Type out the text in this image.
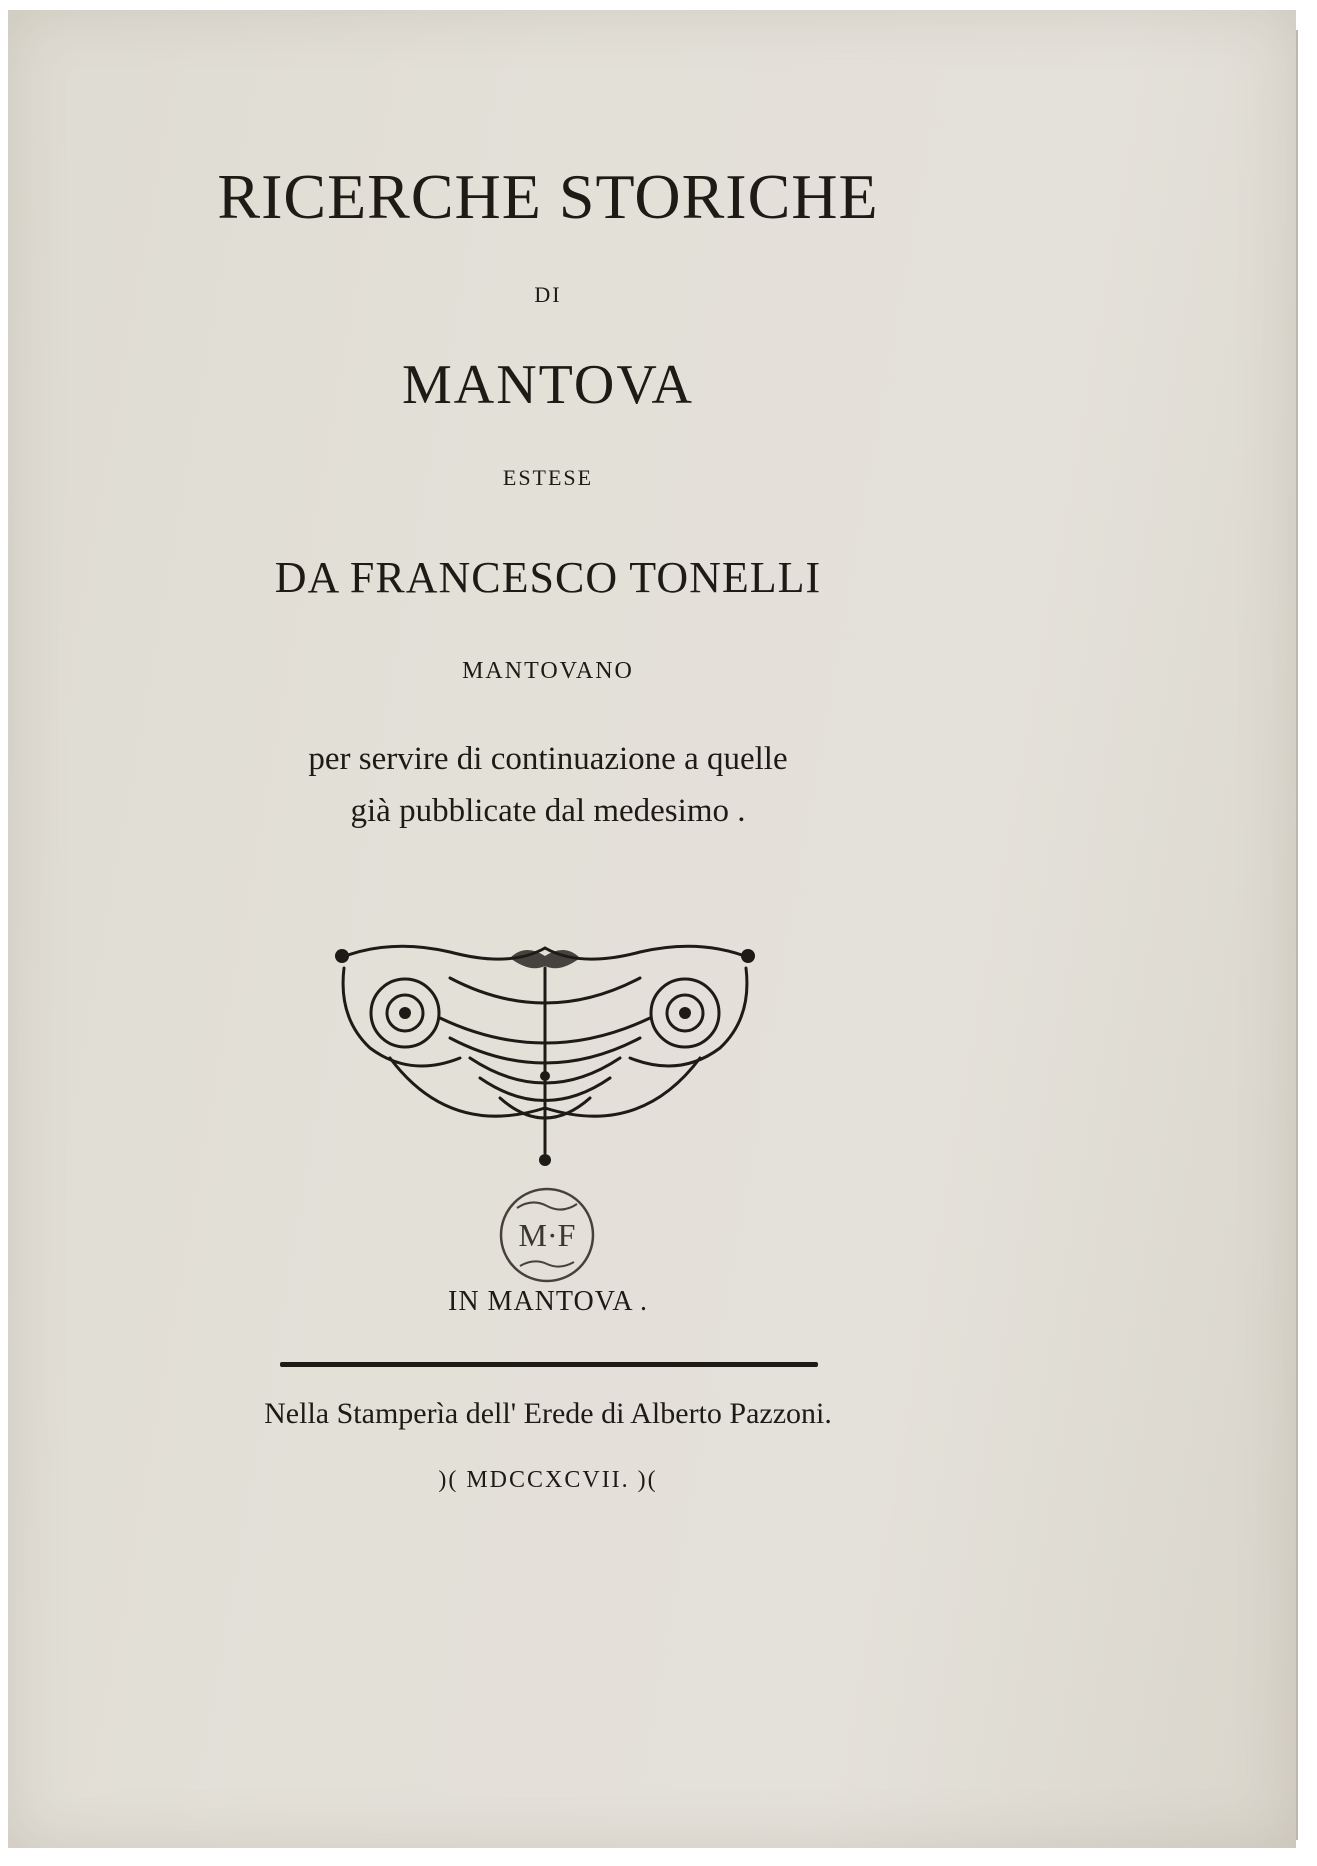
RICERCHE STORICHE

DI

MANTOVA

ESTESE

DA FRANCESCO TONELLI

MANTOVANO

per servire di continuazione a quelle

già pubblicate dal medesimo .

M·F

IN MANTOVA .

Nella Stamperìa dell' Erede di Alberto Pazzoni.

)( MDCCXCVII. )(
